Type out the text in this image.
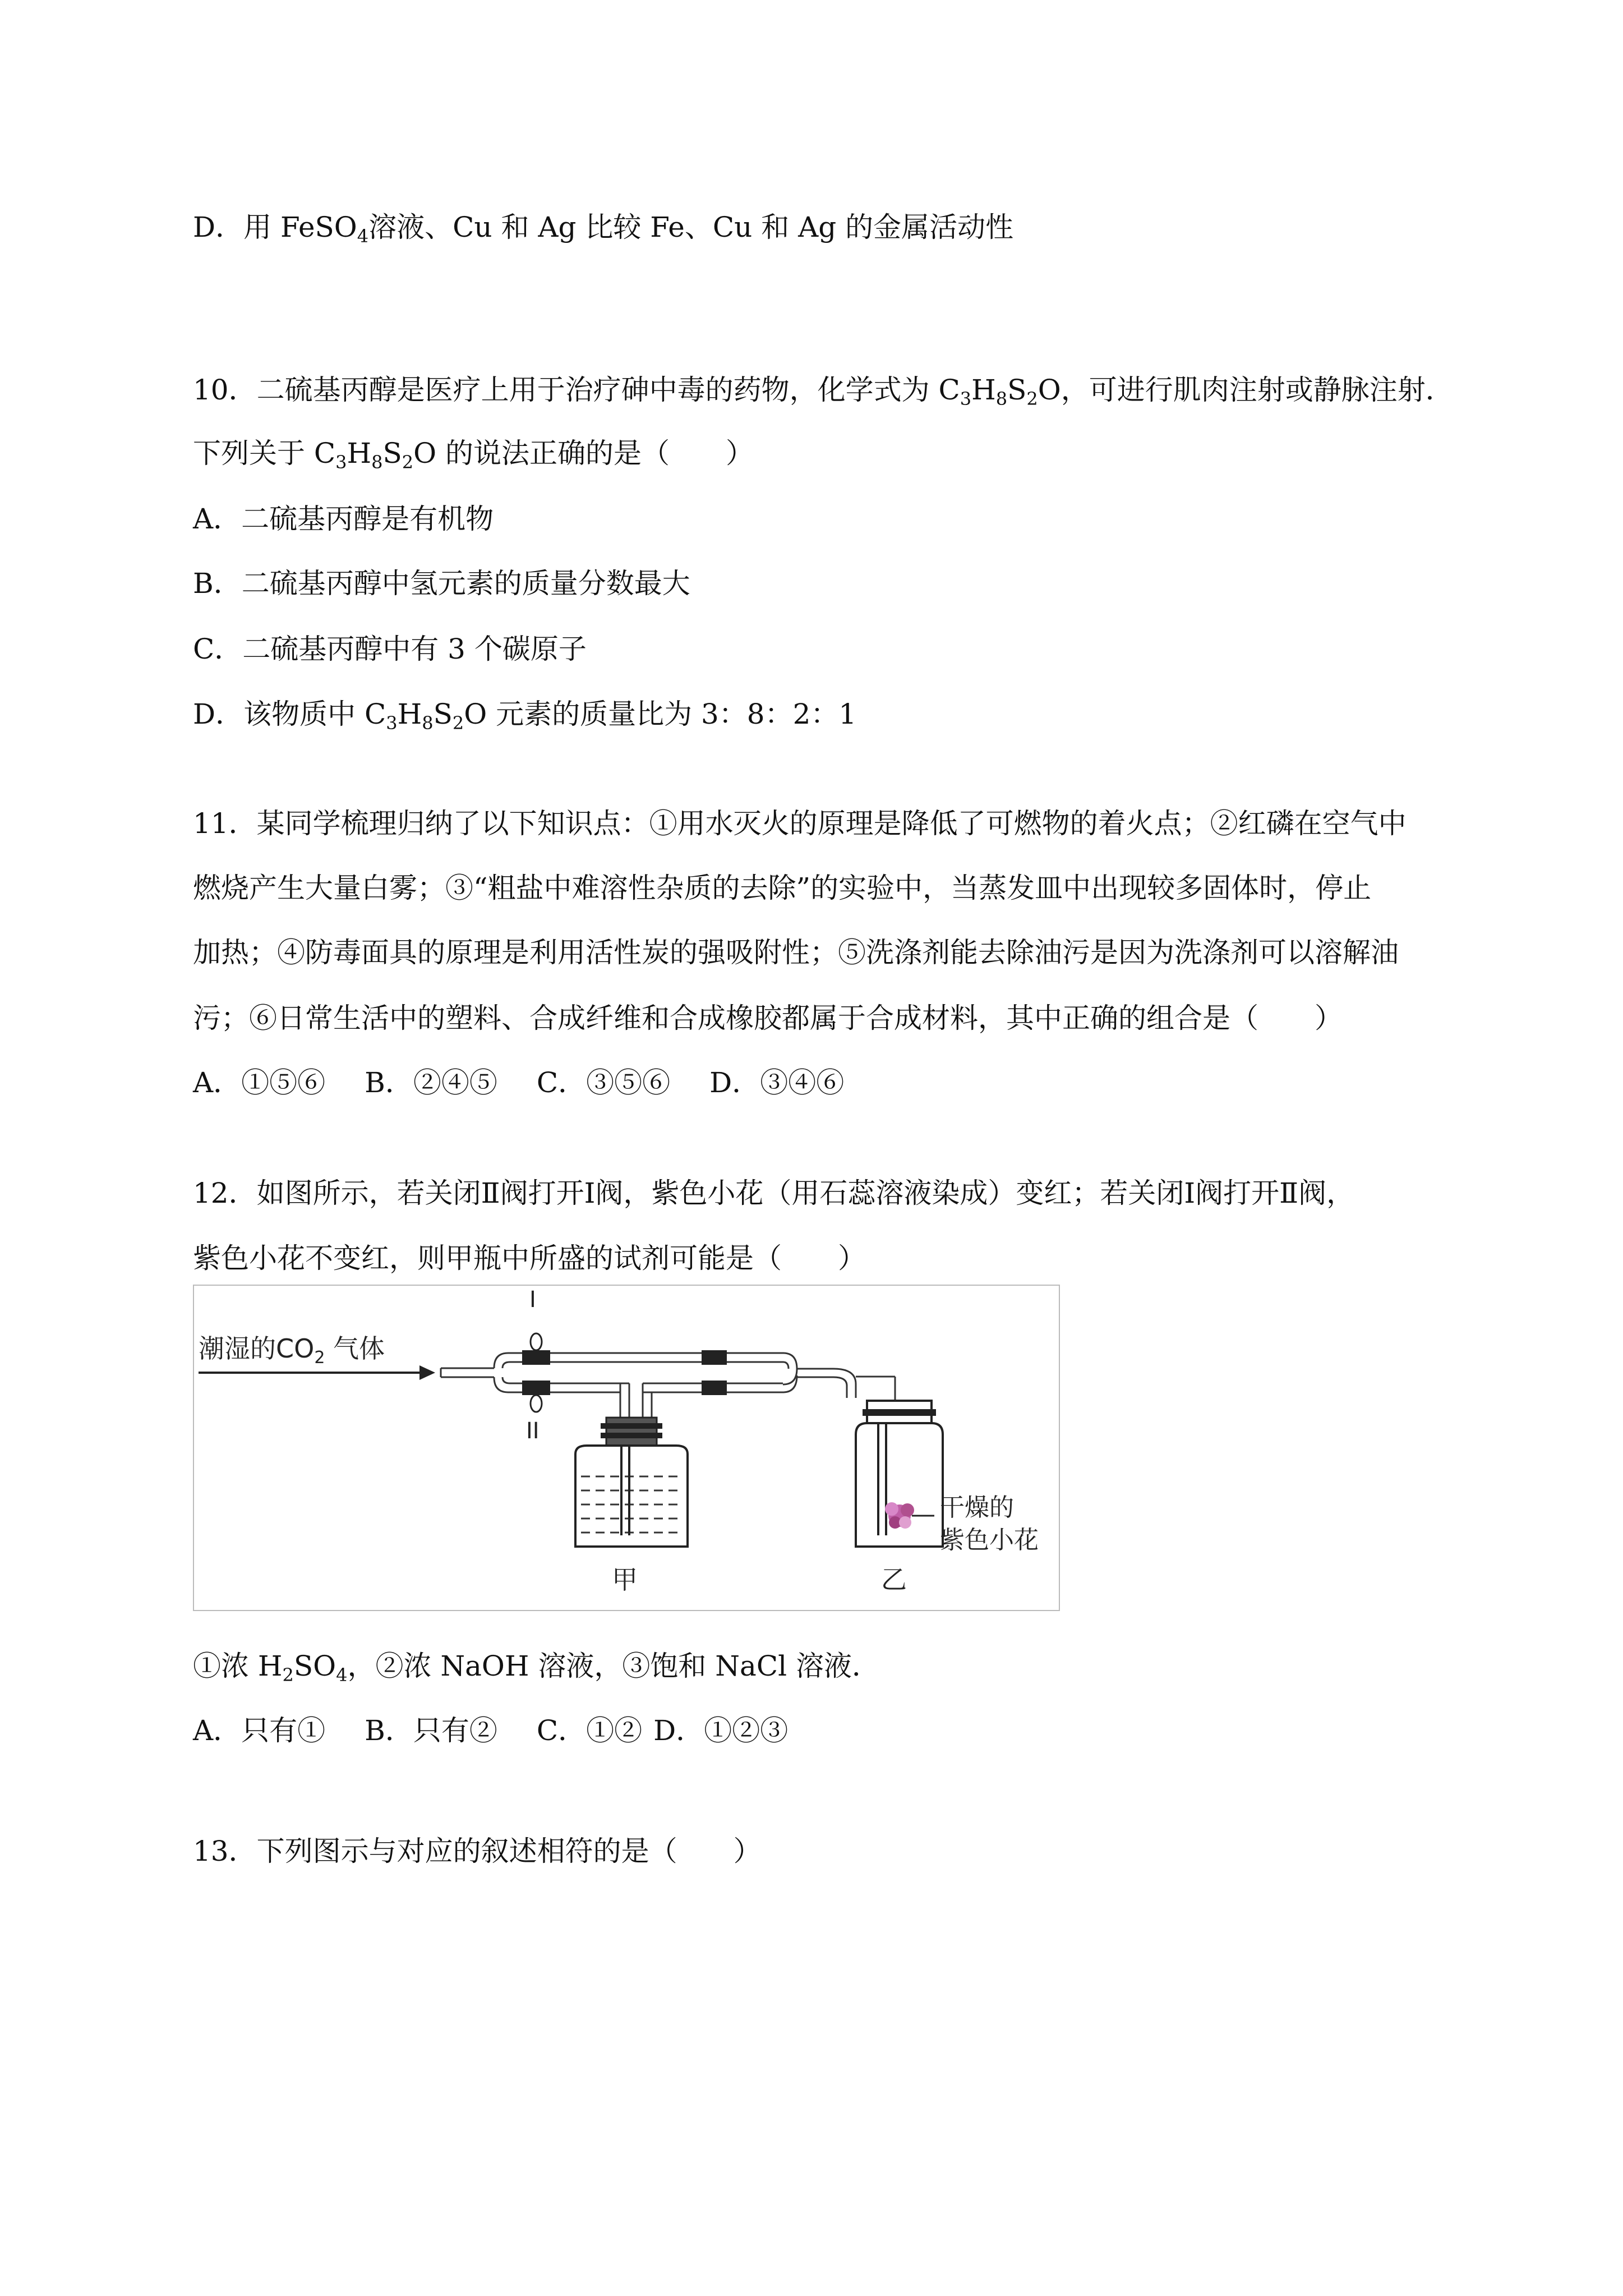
D．用 FeSO$_4$溶液、Cu 和 Ag 比较 Fe、Cu 和 Ag 的金属活动性
10．二硫基丙醇是医疗上用于治疗砷中毒的药物，化学式为 $C_3H_8S_2O$，可进行肌肉注射或静脉注射．
下列关于 $C_3H_8S_2O$ 的说法正确的是（　　）
A．二硫基丙醇是有机物
B．二硫基丙醇中氢元素的质量分数最大
C．二硫基丙醇中有 3 个碳原子
D．该物质中 $C_3H_8S_2O$ 元素的质量比为 3：8：2：1
11．某同学梳理归纳了以下知识点：①用水灭火的原理是降低了可燃物的着火点；②红磷在空气中
燃烧产生大量白雾；③“粗盐中难溶性杂质的去除”的实验中，当蒸发皿中出现较多固体时，停止
加热；④防毒面具的原理是利用活性炭的强吸附性；⑤洗涤剂能去除油污是因为洗涤剂可以溶解油
污；⑥日常生活中的塑料、合成纤维和合成橡胶都属于合成材料，其中正确的组合是（　　）
A．①⑤⑥ B．②④⑤ C．③⑤⑥ D．③④⑥
12．如图所示，若关闭Ⅱ阀打开Ⅰ阀，紫色小花（用石蕊溶液染成）变红；若关闭Ⅰ阀打开Ⅱ阀，
紫色小花不变红，则甲瓶中所盛的试剂可能是（　　）
潮湿的$CO_2$ 气体
I
II
甲
干燥的
紫色小花
乙
①浓 $H_2SO_4$，②浓 NaOH 溶液，③饱和 NaCl 溶液．
A．只有① B．只有② C．①② D．①②③
13．下列图示与对应的叙述相符的是（　　）
